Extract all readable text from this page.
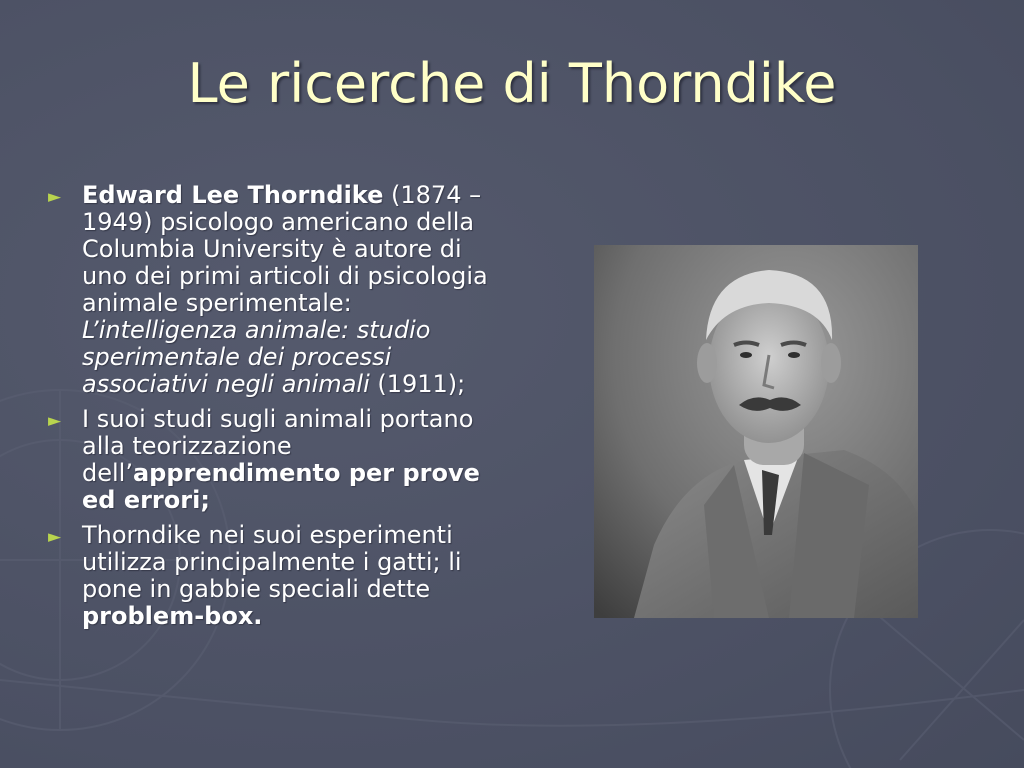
Le ricerche di Thorndike
► Edward Lee Thorndike (1874 – 1949) psicologo americano della Columbia University è autore di uno dei primi articoli di psicologia animale sperimentale: L’intelligenza animale: studio sperimentale dei processi associativi negli animali (1911);
► I suoi studi sugli animali portano alla teorizzazione dell’apprendimento per prove ed errori;
► Thorndike nei suoi esperimenti utilizza principalmente i gatti; li pone in gabbie speciali dette problem-box.
